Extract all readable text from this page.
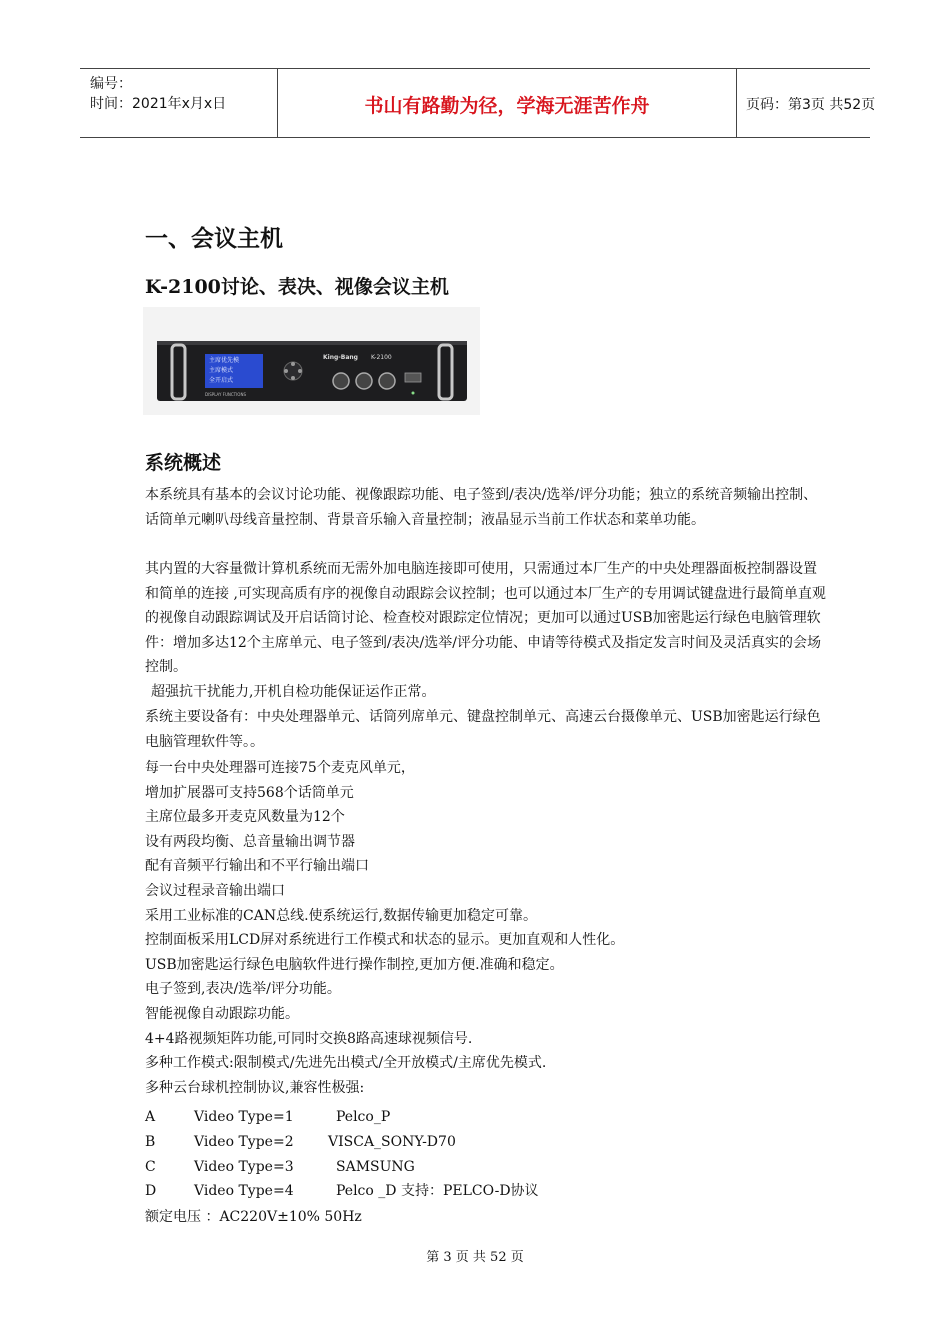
编号：
时间：2021年x月x日	书山有路勤为径，学海无涯苦作舟	页码：第3页 共52页
一、会议主机
K-2100讨论、表决、视像会议主机
主席优先模
主席模式
全开启式
DISPLAY FUNCTIONS
King-Bang K-2100
系统概述

本系统具有基本的会议讨论功能、视像跟踪功能、电子签到/表决/选举/评分功能；独立的系统音频输出控制、话筒单元喇叭母线音量控制、背景音乐输入音量控制；液晶显示当前工作状态和菜单功能。

其内置的大容量微计算机系统而无需外加电脑连接即可使用，只需通过本厂生产的中央处理器面板控制器设置和简单的连接 ,可实现高质有序的视像自动跟踪会议控制；也可以通过本厂生产的专用调试键盘进行最简单直观的视像自动跟踪调试及开启话筒讨论、检查校对跟踪定位情况；更加可以通过USB加密匙运行绿色电脑管理软件：增加多达12个主席单元、电子签到/表决/选举/评分功能、申请等待模式及指定发言时间及灵活真实的会场控制。

超强抗干扰能力,开机自检功能保证运作正常。

系统主要设备有：中央处理器单元、话筒列席单元、键盘控制单元、高速云台摄像单元、USB加密匙运行绿色电脑管理软件等。。

每一台中央处理器可连接75个麦克风单元，

增加扩展器可支持568个话筒单元

主席位最多开麦克风数量为12个

设有两段均衡、总音量输出调节器

配有音频平行输出和不平行输出端口

会议过程录音输出端口

采用工业标准的CAN总线.使系统运行,数据传输更加稳定可靠。

控制面板采用LCD屏对系统进行工作模式和状态的显示。更加直观和人性化。

USB加密匙运行绿色电脑软件进行操作制控,更加方便.准确和稳定。

电子签到,表决/选举/评分功能。

智能视像自动跟踪功能。

4+4路视频矩阵功能,可同时交换8路高速球视频信号.

多种工作模式:限制模式/先进先出模式/全开放模式/主席优先模式.

多种云台球机控制协议,兼容性极强:

A	Video Type=1	Pelco_P
B	Video Type=2 VISCA_SONY-D70
C	Video Type=3	SAMSUNG
D	Video Type=4	Pelco _D 支持：PELCO-D协议
额定电压 ：AC220V±10% 50Hz
第 3 页 共 52 页
